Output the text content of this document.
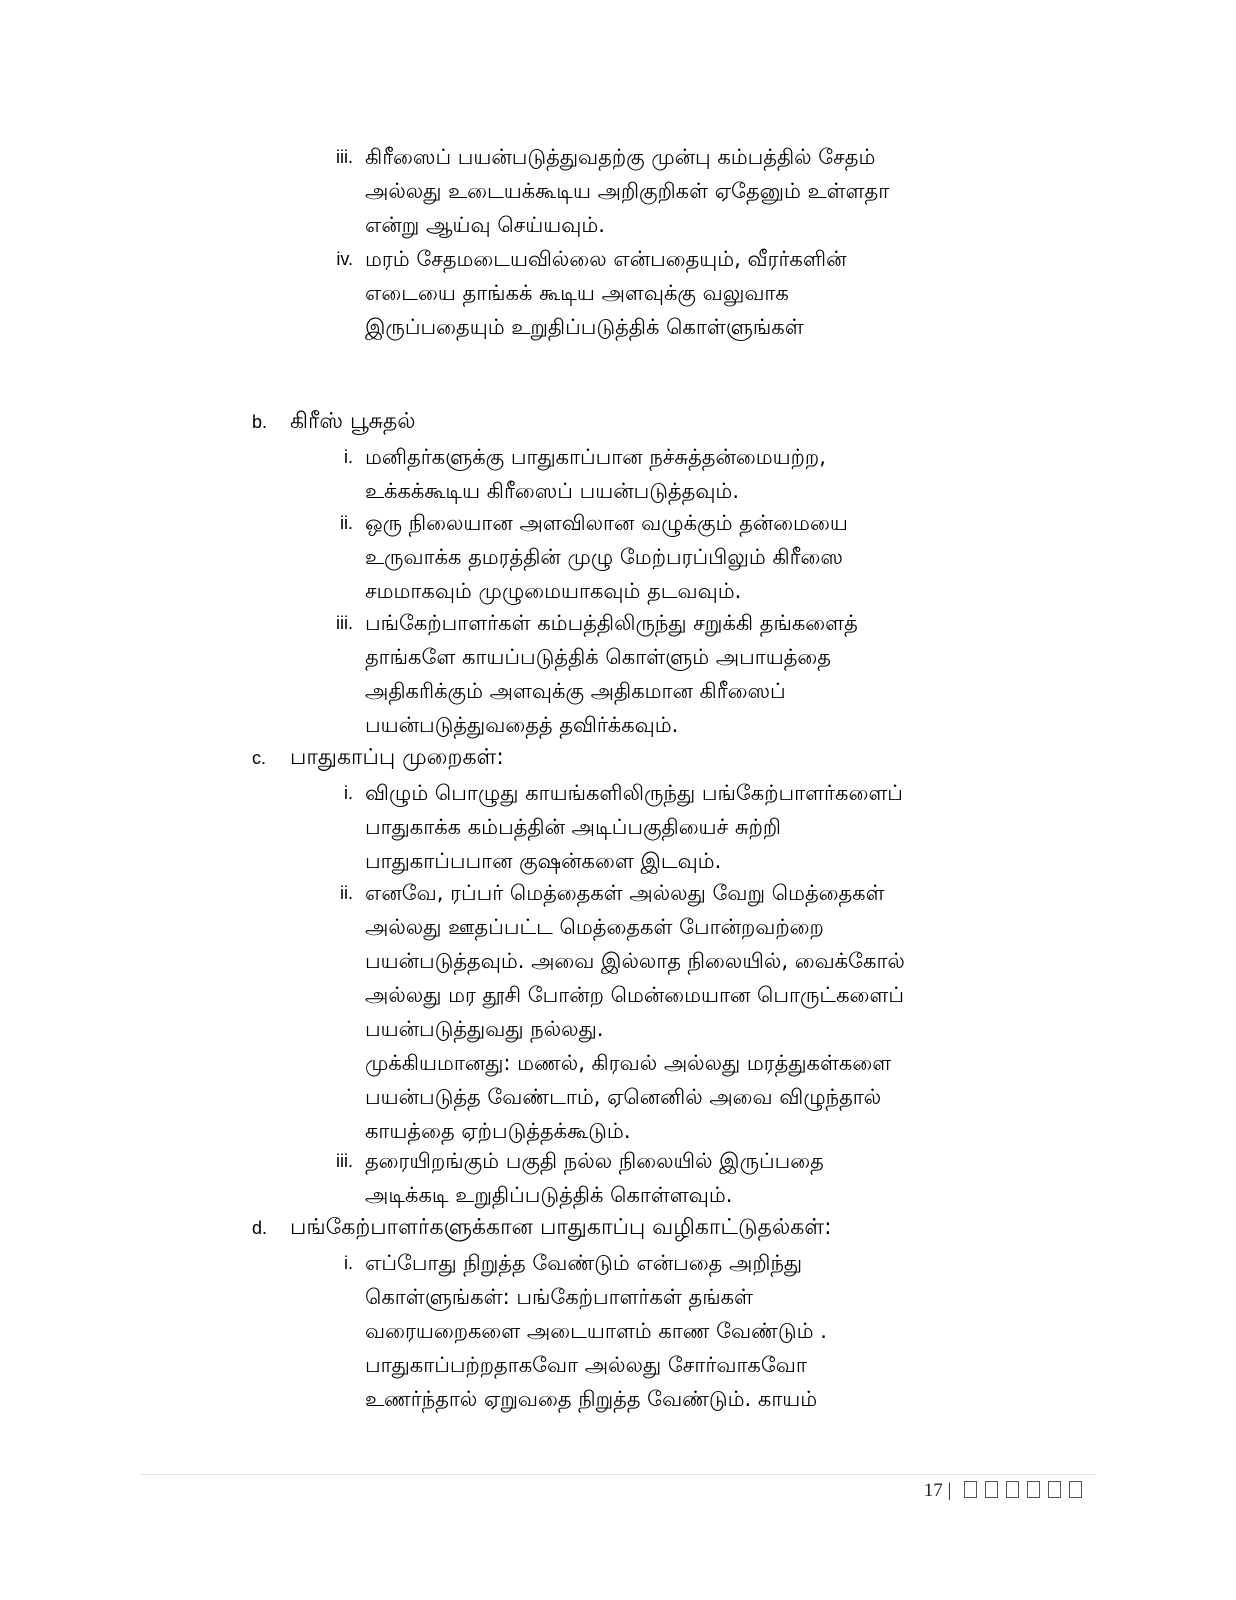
iii. கிரீஸைப் பயன்படுத்துவதற்கு முன்பு கம்பத்தில் சேதம்
அல்லது உடையக்கூடிய அறிகுறிகள் ஏதேனும் உள்ளதா
என்று ஆய்வு செய்யவும்.
iv. மரம் சேதமடையவில்லை என்பதையும், வீரர்களின்
எடையை தாங்கக் கூடிய அளவுக்கு வலுவாக
இருப்பதையும் உறுதிப்படுத்திக் கொள்ளுங்கள்
b. கிரீஸ் பூசுதல்
i. மனிதர்களுக்கு பாதுகாப்பான நச்சுத்தன்மையற்ற,
உக்கக்கூடிய கிரீஸைப் பயன்படுத்தவும்.
ii. ஒரு நிலையான அளவிலான வழுக்கும் தன்மையை
உருவாக்க தமரத்தின் முழு மேற்பரப்பிலும் கிரீஸை
சமமாகவும் முழுமையாகவும் தடவவும்.
iii. பங்கேற்பாளர்கள் கம்பத்திலிருந்து சறுக்கி தங்களைத்
தாங்களே காயப்படுத்திக் கொள்ளும் அபாயத்தை
அதிகரிக்கும் அளவுக்கு அதிகமான கிரீஸைப்
பயன்படுத்துவதைத் தவிர்க்கவும்.
c. பாதுகாப்பு முறைகள்:
i. விழும் பொழுது காயங்களிலிருந்து பங்கேற்பாளர்களைப்
பாதுகாக்க கம்பத்தின் அடிப்பகுதியைச் சுற்றி
பாதுகாப்பபான குஷன்களை இடவும்.
ii. எனவே, ரப்பர் மெத்தைகள் அல்லது வேறு மெத்தைகள்
அல்லது ஊதப்பட்ட மெத்தைகள் போன்றவற்றை
பயன்படுத்தவும். அவை இல்லாத நிலையில், வைக்கோல்
அல்லது மர தூசி போன்ற மென்மையான பொருட்களைப்
பயன்படுத்துவது நல்லது.
முக்கியமானது: மணல், கிரவல் அல்லது மரத்துகள்களை
பயன்படுத்த வேண்டாம், ஏனெனில் அவை விழுந்தால்
காயத்தை ஏற்படுத்தக்கூடும்.
iii. தரையிறங்கும் பகுதி நல்ல நிலையில் இருப்பதை
அடிக்கடி உறுதிப்படுத்திக் கொள்ளவும்.
d. பங்கேற்பாளர்களுக்கான பாதுகாப்பு வழிகாட்டுதல்கள்:
i. எப்போது நிறுத்த வேண்டும் என்பதை அறிந்து
கொள்ளுங்கள்: பங்கேற்பாளர்கள் தங்கள்
வரையறைகளை அடையாளம் காண வேண்டும் .
பாதுகாப்பற்றதாகவோ அல்லது சோர்வாகவோ
உணர்ந்தால் ஏறுவதை நிறுத்த வேண்டும். காயம்
17 |
